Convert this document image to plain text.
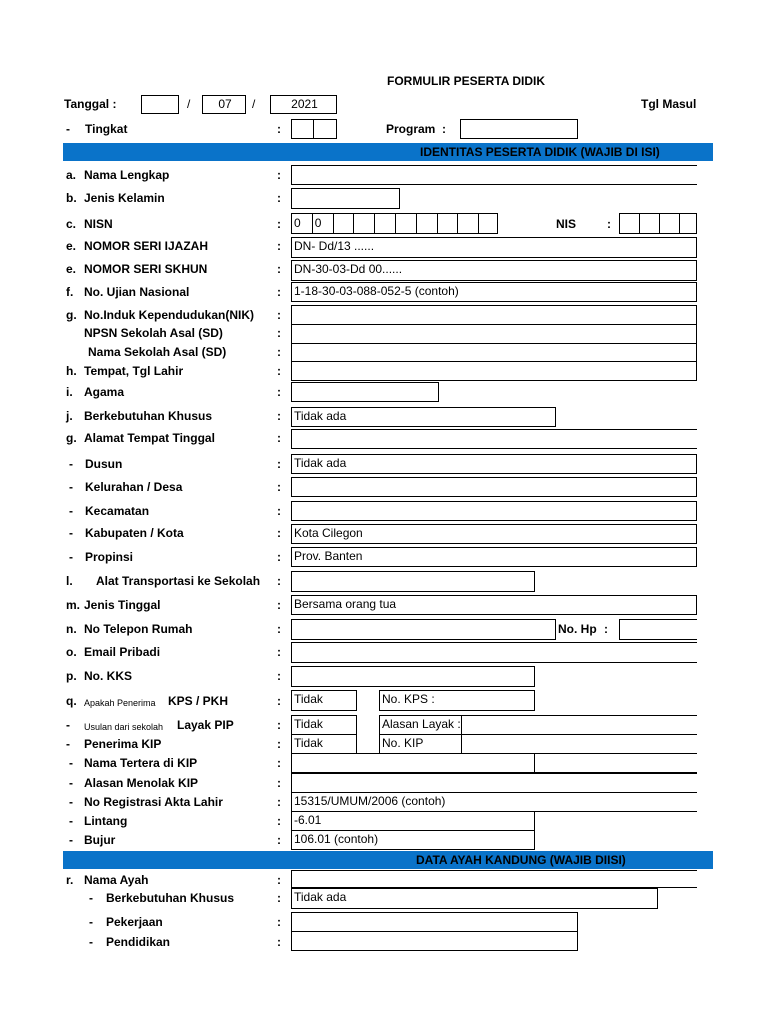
FORMULIR PESERTA DIDIK
Tanggal :	/	07	/	2021	Tgl Masul
- Tingkat	:	Program :
IDENTITAS PESERTA DIDIK (WAJIB DI ISI)
a. Nama Lengkap	:
b. Jenis Kelamin	:
c. NISN	: 0	0	NIS	:
e. NOMOR SERI IJAZAH	: DN- Dd/13 ......
e. NOMOR SERI SKHUN	: DN-30-03-Dd 00......
f. No. Ujian Nasional	: 1-18-30-03-088-052-5 (contoh)
g. No.Induk Kependudukan(NIK) :
NPSN Sekolah Asal (SD)	:
Nama Sekolah Asal (SD)	:
h. Tempat, Tgl Lahir	:
i. Agama	:
j. Berkebutuhan Khusus	: Tidak ada
g. Alamat Tempat Tinggal	:
- Dusun	: Tidak ada
- Kelurahan / Desa	:
- Kecamatan	:
- Kabupaten / Kota	: Kota Cilegon
- Propinsi	: Prov. Banten
l. Alat Transportasi ke Sekolah :
m. Jenis Tinggal	: Bersama orang tua
n. No Telepon Rumah	:	No. Hp :
o. Email Pribadi	:
p. No. KKS	:
q. Apakah Penerima KPS / PKH	: Tidak	No. KPS :
- Usulan dari sekolah Layak PIP	: Tidak	Alasan Layak :
- Penerima KIP	: Tidak	No. KIP
- Nama Tertera di KIP	:
- Alasan Menolak KIP	:
- No Registrasi Akta Lahir	: 15315/UMUM/2006 (contoh)
- Lintang	: -6.01
- Bujur	: 106.01 (contoh)
DATA AYAH KANDUNG (WAJIB DIISI)
r. Nama Ayah	:
- Berkebutuhan Khusus	: Tidak ada
- Pekerjaan	:
- Pendidikan	:
